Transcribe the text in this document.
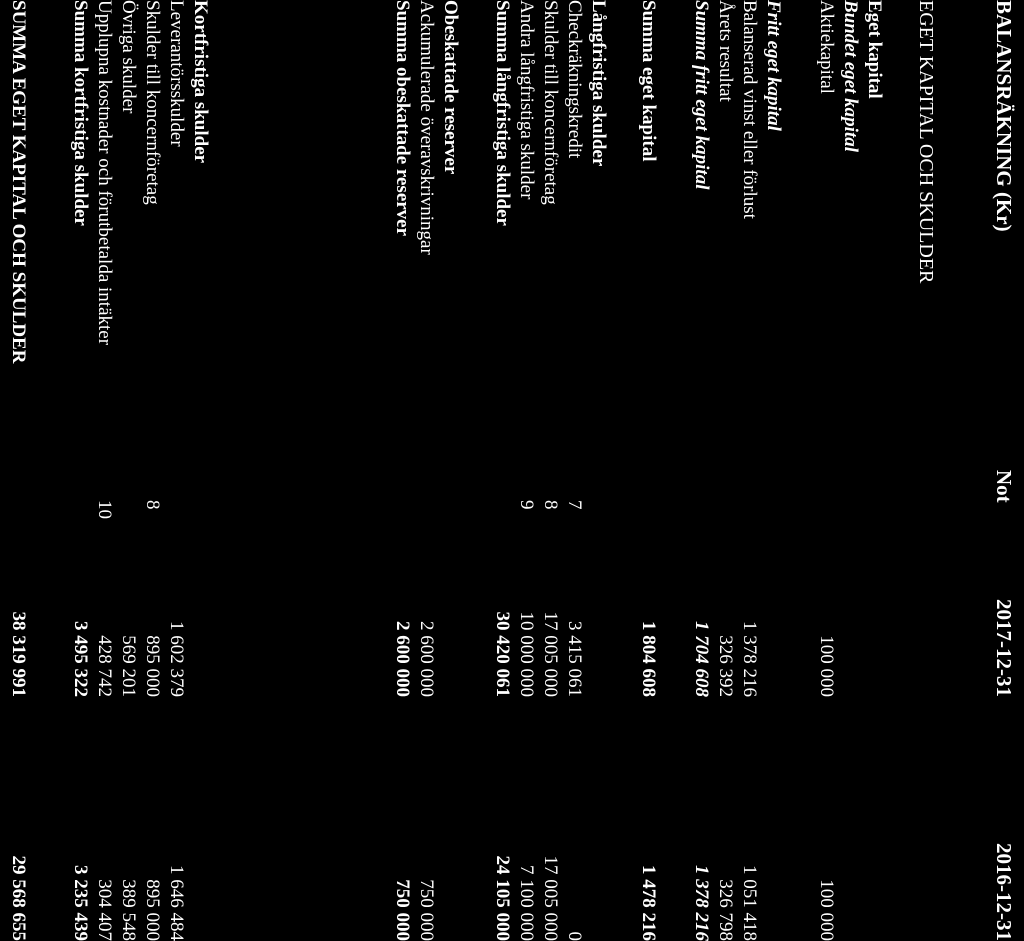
BALANSRÄKNING (Kr)
Not
2017-12-31
2016-12-31
EGET KAPITAL OCH SKULDER
Eget kapital
Bundet eget kapital
Aktiekapital
100 000
100 000
Fritt eget kapital
Balanserad vinst eller förlust
1 378 216
1 051 418
Årets resultat
326 392
326 798
Summa fritt eget kapital
1 704 608
1 378 216
Summa eget kapital
1 804 608
1 478 216
Långfristiga skulder
Checkräkningskredit
7
3 415 061
0
Skulder till koncernföretag
8
17 005 000
17 005 000
Andra långfristiga skulder
9
10 000 000
7 100 000
Summa långfristiga skulder
30 420 061
24 105 000
Obeskattade reserver
Ackumulerade överavskrivningar
2 600 000
750 000
Summa obeskattade reserver
2 600 000
750 000
Kortfristiga skulder
Leverantörsskulder
1 602 379
1 646 484
Skulder till koncernföretag
8
895 000
895 000
Övriga skulder
569 201
389 548
Upplupna kostnader och förutbetalda intäkter
10
428 742
304 407
Summa kortfristiga skulder
3 495 322
3 235 439
SUMMA EGET KAPITAL OCH SKULDER
38 319 991
29 568 655
